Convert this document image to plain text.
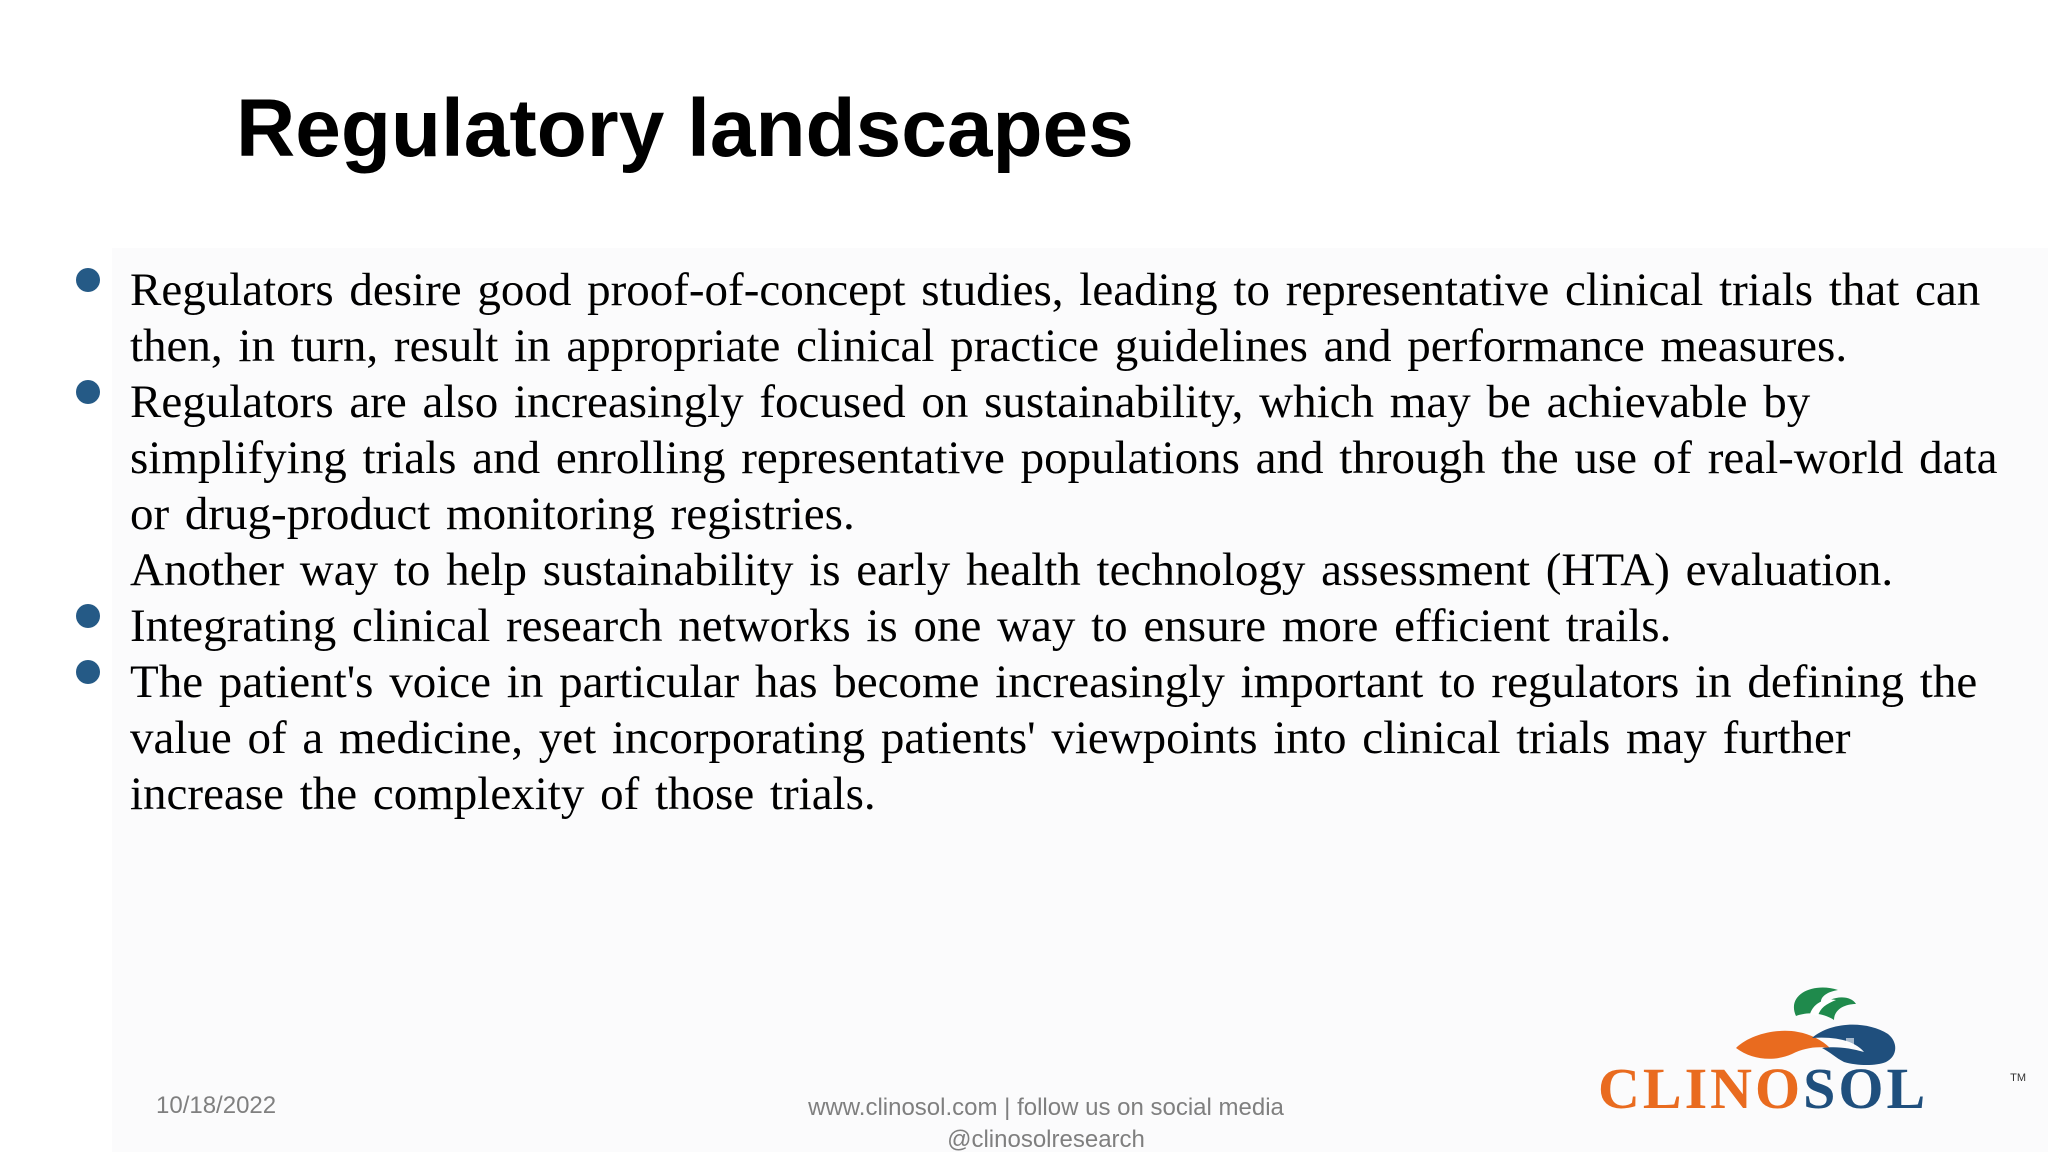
Regulatory landscapes
Regulators desire good proof-of-concept studies, leading to representative clinical trials that can then, in turn, result in appropriate clinical practice guidelines and performance measures.
Regulators are also increasingly focused on sustainability, which may be achievable by simplifying trials and enrolling representative populations and through the use of real-world data or drug-product monitoring registries.
Another way to help sustainability is early health technology assessment (HTA) evaluation.
Integrating clinical research networks is one way to ensure more efficient trails.
The patient's voice in particular has become increasingly important to regulators in defining the value of a medicine, yet incorporating patients' viewpoints into clinical trials may further increase the complexity of those trials.
10/18/2022	www.clinosol.com | follow us on social media
@clinosolresearch
CLINOSOL	TM
